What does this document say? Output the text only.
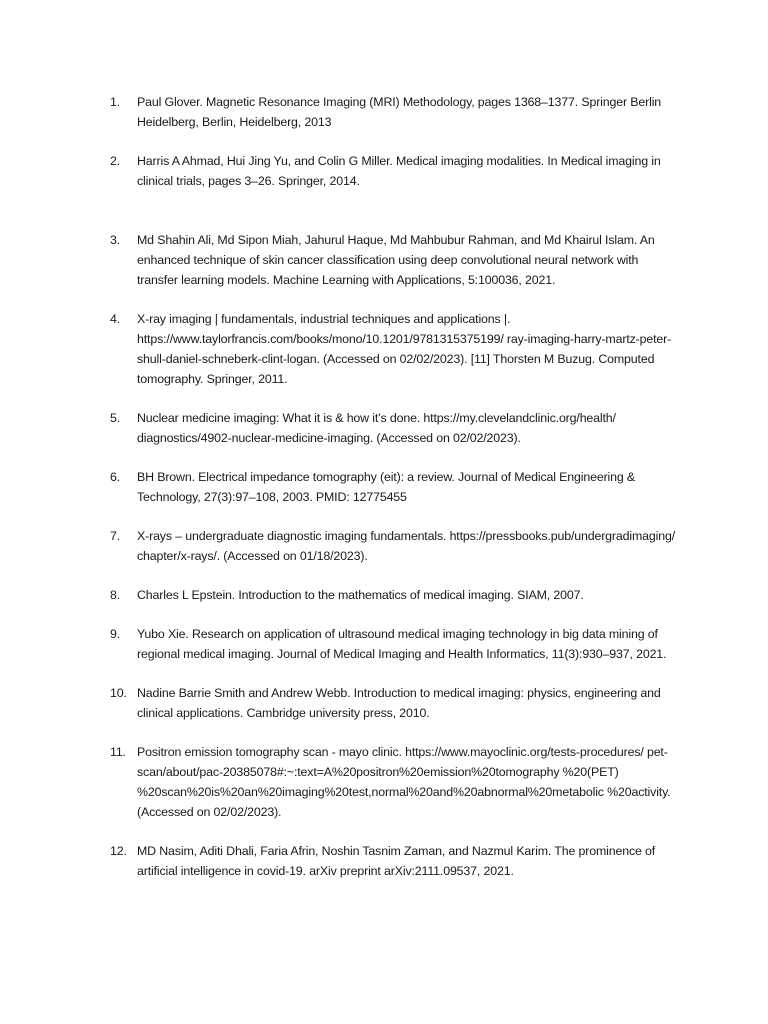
1.	Paul Glover. Magnetic Resonance Imaging (MRI) Methodology, pages 1368–1377. Springer Berlin Heidelberg, Berlin, Heidelberg, 2013
2.	Harris A Ahmad, Hui Jing Yu, and Colin G Miller. Medical imaging modalities. In Medical imaging in clinical trials, pages 3–26. Springer, 2014.
3.	Md Shahin Ali, Md Sipon Miah, Jahurul Haque, Md Mahbubur Rahman, and Md Khairul Islam. An enhanced technique of skin cancer classification using deep convolutional neural network with transfer learning models. Machine Learning with Applications, 5:100036, 2021.
4.	X-ray imaging | fundamentals, industrial techniques and applications |. https://www.taylorfrancis.com/books/mono/10.1201/9781315375199/ ray-imaging-harry-martz-peter-shull-daniel-schneberk-clint-logan. (Accessed on 02/02/2023). [11] Thorsten M Buzug. Computed tomography. Springer, 2011.
5.	Nuclear medicine imaging: What it is & how it’s done. https://my.clevelandclinic.org/health/ diagnostics/4902-nuclear-medicine-imaging. (Accessed on 02/02/2023).
6.	BH Brown. Electrical impedance tomography (eit): a review. Journal of Medical Engineering & Technology, 27(3):97–108, 2003. PMID: 12775455
7.	X-rays – undergraduate diagnostic imaging fundamentals. https://pressbooks.pub/undergradimaging/ chapter/x-rays/. (Accessed on 01/18/2023).
8.	Charles L Epstein. Introduction to the mathematics of medical imaging. SIAM, 2007.
9.	Yubo Xie. Research on application of ultrasound medical imaging technology in big data mining of regional medical imaging. Journal of Medical Imaging and Health Informatics, 11(3):930–937, 2021.
10. Nadine Barrie Smith and Andrew Webb. Introduction to medical imaging: physics, engineering and clinical applications. Cambridge university press, 2010.
11. Positron emission tomography scan - mayo clinic. https://www.mayoclinic.org/tests-procedures/ pet-scan/about/pac-20385078#:~:text=A%20positron%20emission%20tomography %20(PET) %20scan%20is%20an%20imaging%20test,normal%20and%20abnormal%20metabolic %20activity. (Accessed on 02/02/2023).
12. MD Nasim, Aditi Dhali, Faria Afrin, Noshin Tasnim Zaman, and Nazmul Karim. The prominence of artificial intelligence in covid-19. arXiv preprint arXiv:2111.09537, 2021.
